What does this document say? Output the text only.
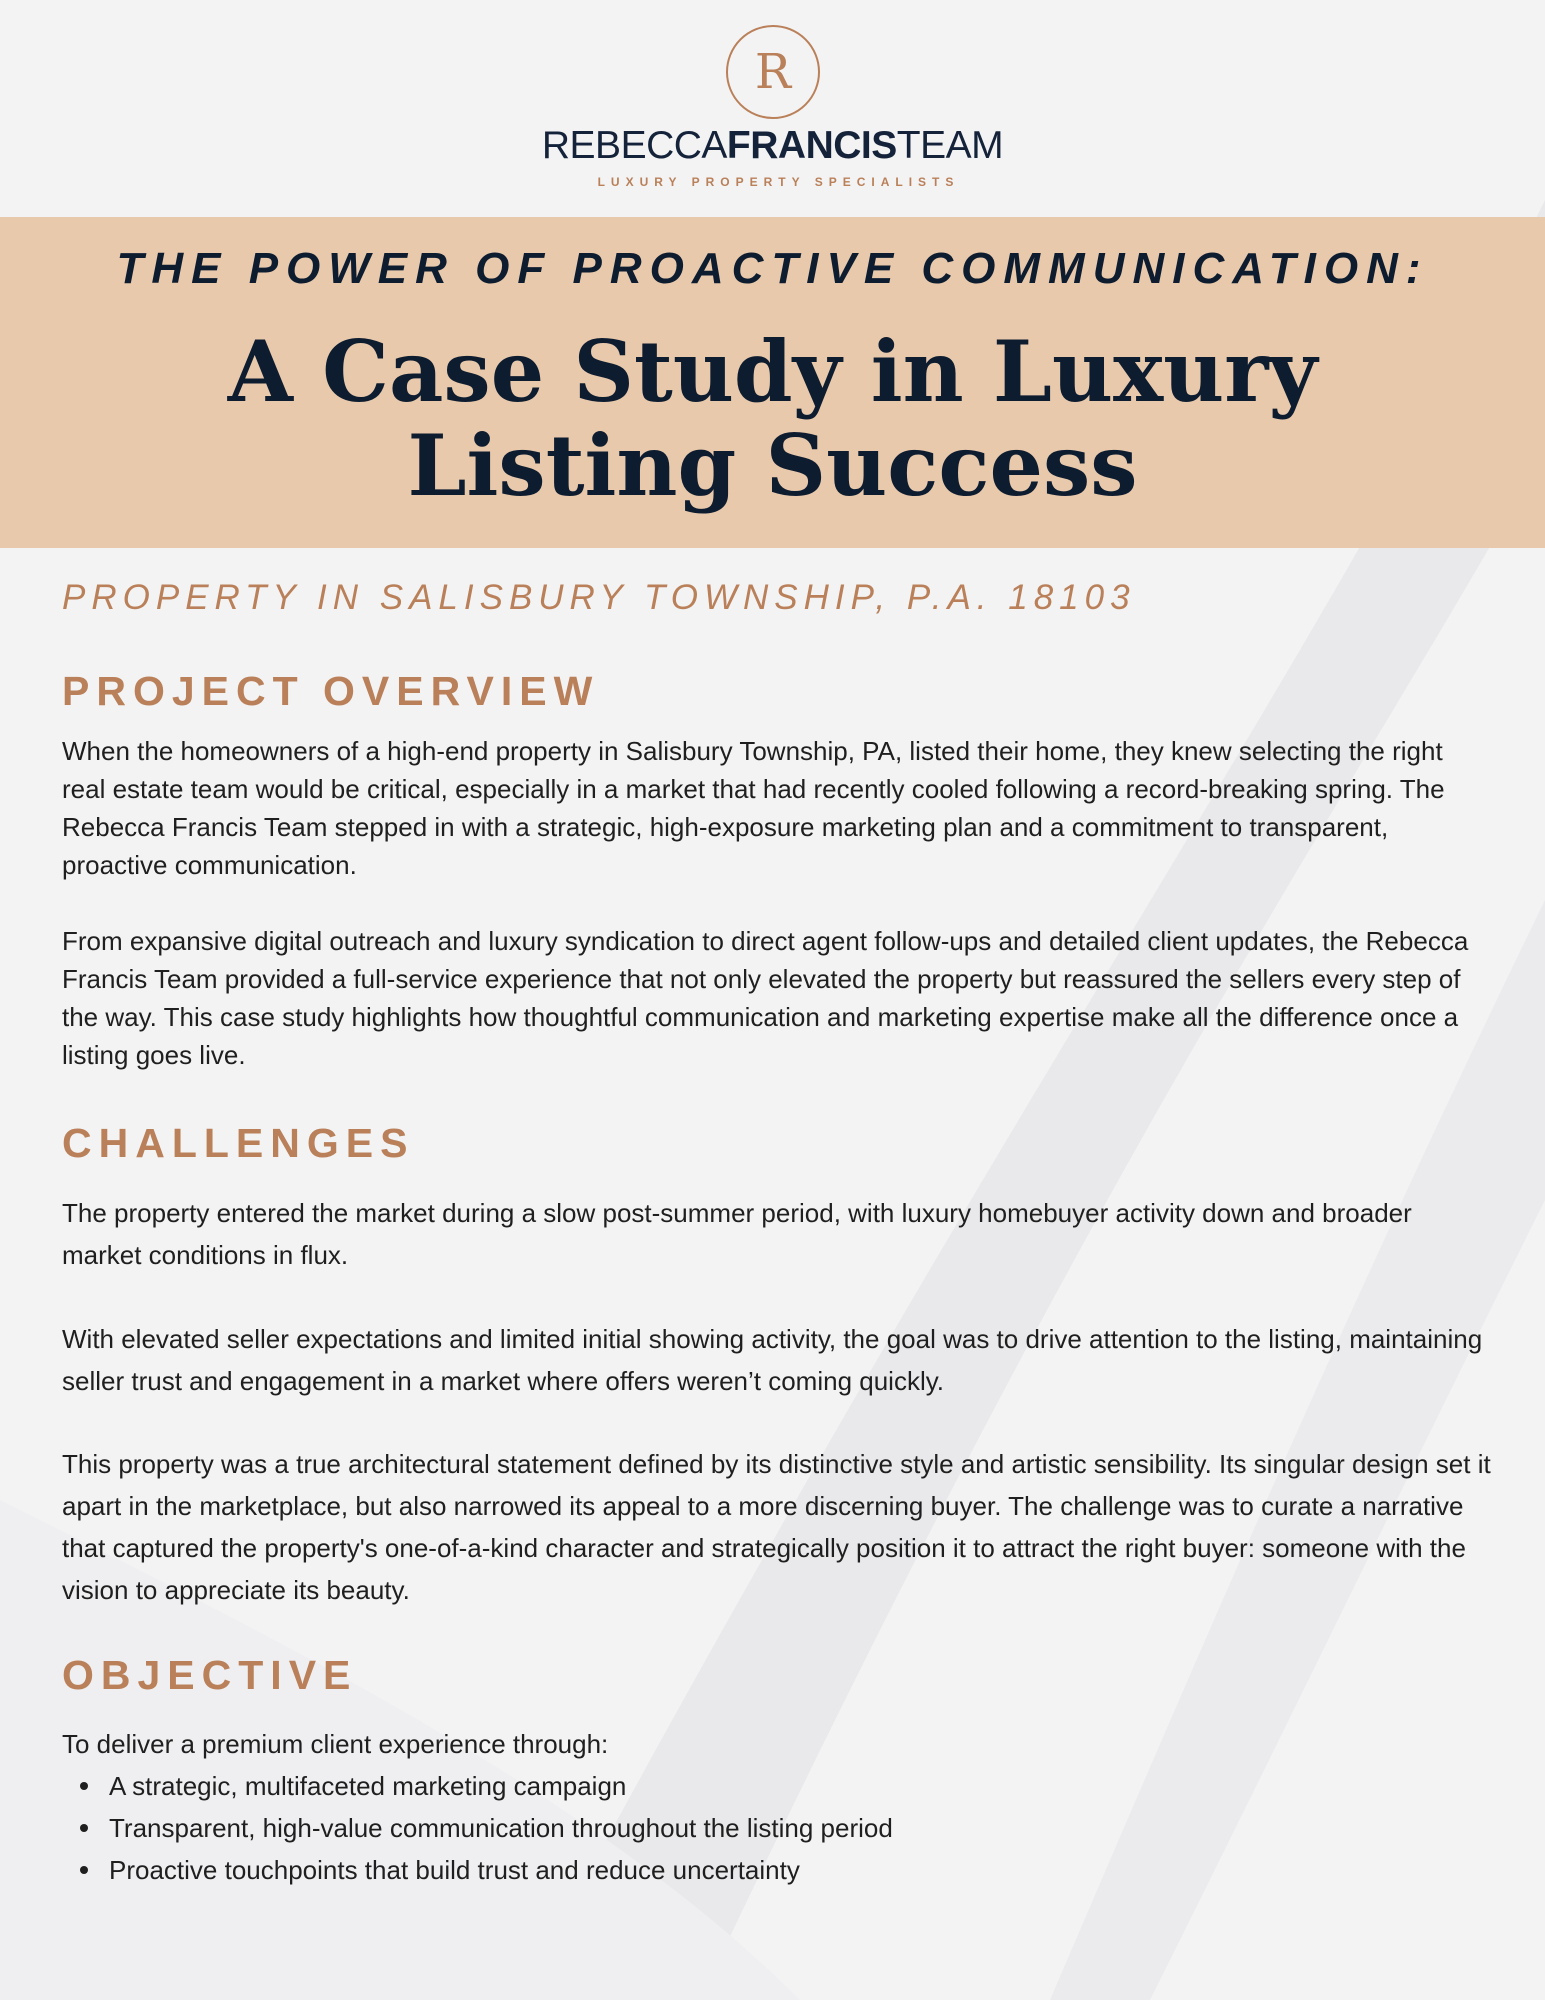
R
REBECCAFRANCISTEAM
LUXURY PROPERTY SPECIALISTS
THE POWER OF PROACTIVE COMMUNICATION:
A Case Study in Luxury
Listing Success
PROPERTY IN SALISBURY TOWNSHIP, P.A. 18103
PROJECT OVERVIEW

When the homeowners of a high-end property in Salisbury Township, PA, listed their home, they knew selecting the right real estate team would be critical, especially in a market that had recently cooled following a record-breaking spring. The Rebecca Francis Team stepped in with a strategic, high-exposure marketing plan and a commitment to transparent, proactive communication.

From expansive digital outreach and luxury syndication to direct agent follow-ups and detailed client updates, the Rebecca Francis Team provided a full-service experience that not only elevated the property but reassured the sellers every step of the way. This case study highlights how thoughtful communication and marketing expertise make all the difference once a listing goes live.

CHALLENGES

The property entered the market during a slow post-summer period, with luxury homebuyer activity down and broader market conditions in flux.

With elevated seller expectations and limited initial showing activity, the goal was to drive attention to the listing, maintaining seller trust and engagement in a market where offers weren’t coming quickly.

This property was a true architectural statement defined by its distinctive style and artistic sensibility. Its singular design set it apart in the marketplace, but also narrowed its appeal to a more discerning buyer. The challenge was to curate a narrative that captured the property's one-of-a-kind character and strategically position it to attract the right buyer: someone with the vision to appreciate its beauty.

OBJECTIVE

To deliver a premium client experience through:

A strategic, multifaceted marketing campaign
Transparent, high-value communication throughout the listing period
Proactive touchpoints that build trust and reduce uncertainty
